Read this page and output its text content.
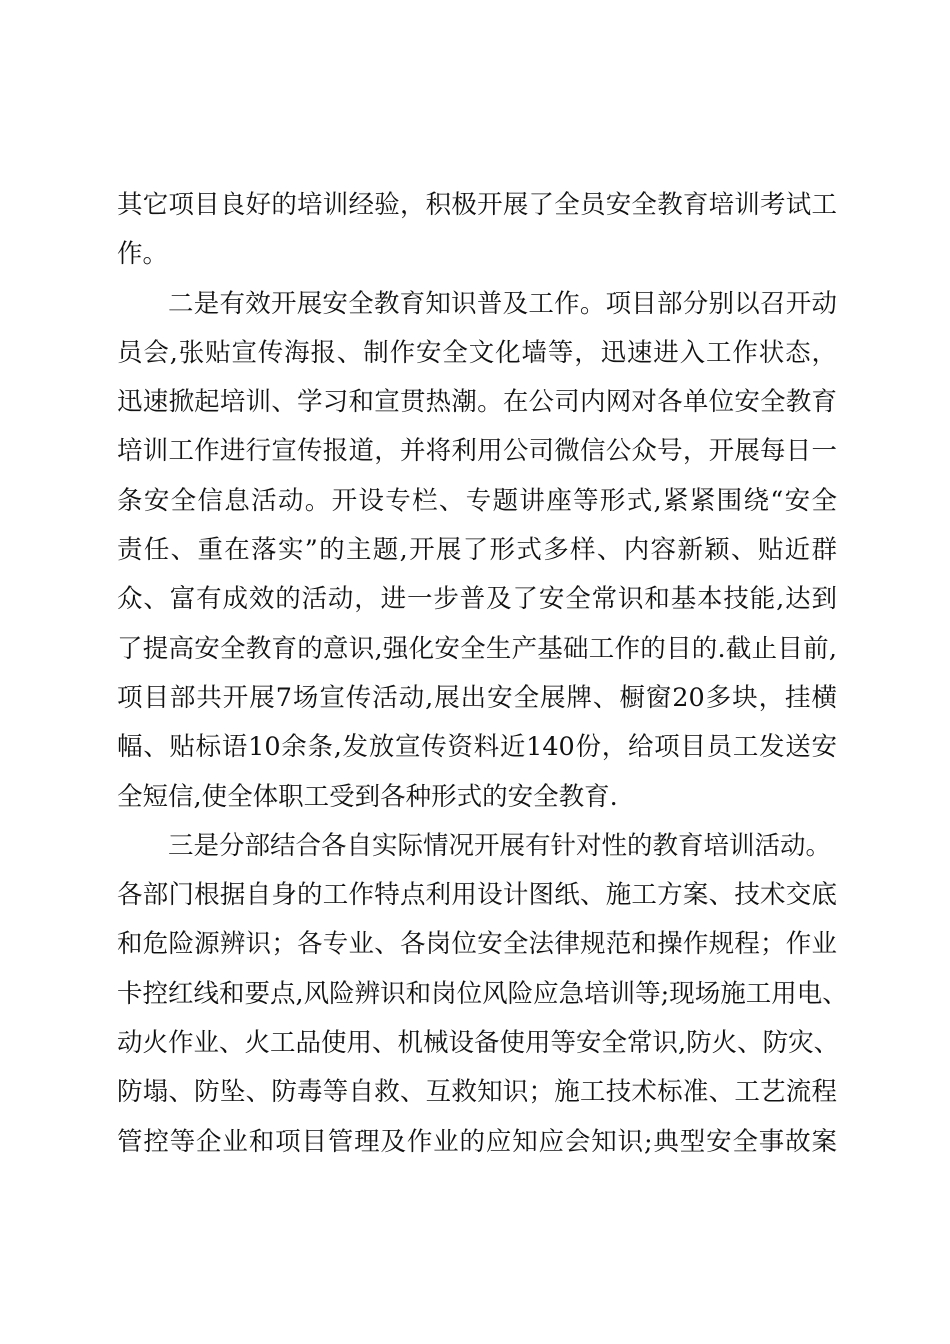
其它项目良好的培训经验，积极开展了全员安全教育培训考试工
作。
二是有效开展安全教育知识普及工作。项目部分别以召开动
员会,张贴宣传海报、制作安全文化墙等，迅速进入工作状态，
迅速掀起培训、学习和宣贯热潮。在公司内网对各单位安全教育
培训工作进行宣传报道，并将利用公司微信公众号，开展每日一
条安全信息活动。开设专栏、专题讲座等形式,紧紧围绕“安全
责任、重在落实”的主题,开展了形式多样、内容新颖、贴近群
众、富有成效的活动，进一步普及了安全常识和基本技能,达到
了提高安全教育的意识,强化安全生产基础工作的目的.截止目前,
项目部共开展7场宣传活动,展出安全展牌、橱窗20多块，挂横
幅、贴标语10余条,发放宣传资料近140份，给项目员工发送安
全短信,使全体职工受到各种形式的安全教育.
三是分部结合各自实际情况开展有针对性的教育培训活动。
各部门根据自身的工作特点利用设计图纸、施工方案、技术交底
和危险源辨识；各专业、各岗位安全法律规范和操作规程；作业
卡控红线和要点,风险辨识和岗位风险应急培训等;现场施工用电、
动火作业、火工品使用、机械设备使用等安全常识,防火、防灾、
防塌、防坠、防毒等自救、互救知识；施工技术标准、工艺流程
管控等企业和项目管理及作业的应知应会知识;典型安全事故案
